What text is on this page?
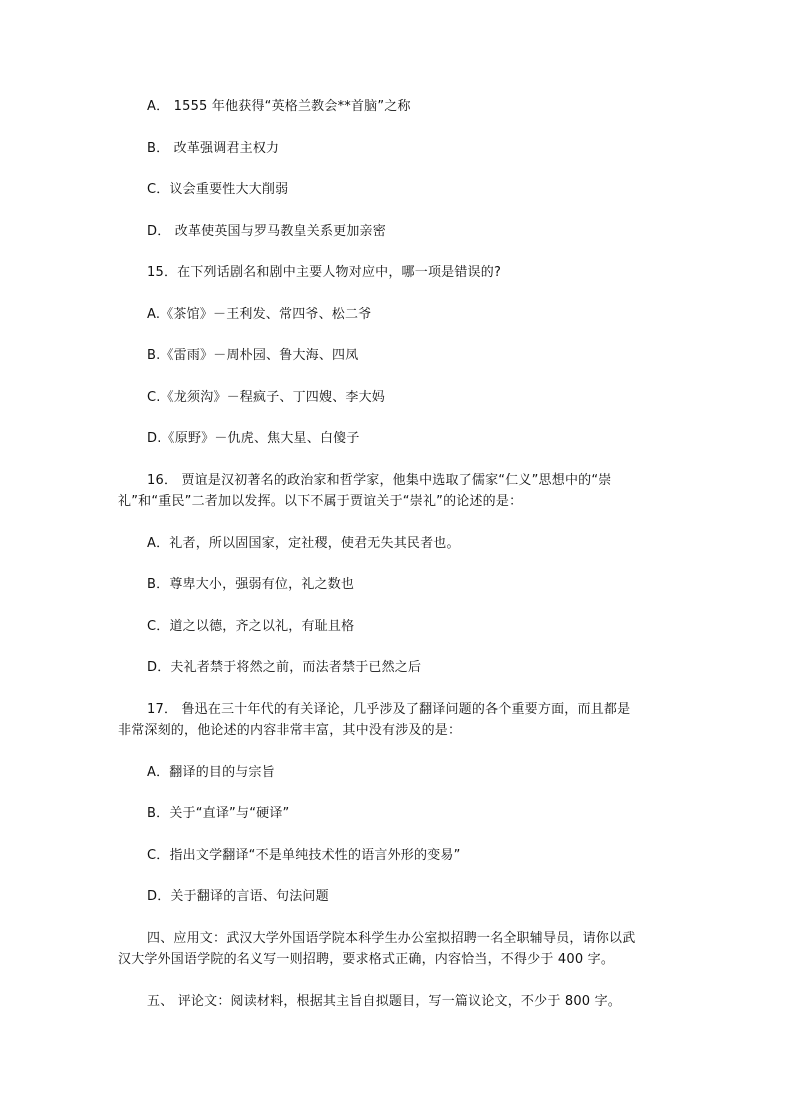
A． 1555 年他获得“英格兰教会**首脑”之称
B． 改革强调君主权力
C．议会重要性大大削弱
D． 改革使英国与罗马教皇关系更加亲密
15．在下列话剧名和剧中主要人物对应中，哪一项是错误的?
A.《茶馆》－王利发、常四爷、松二爷
B.《雷雨》－周朴园、鲁大海、四凤
C.《龙须沟》－程疯子、丁四嫂、李大妈
D.《原野》－仇虎、焦大星、白傻子
16． 贾谊是汉初著名的政治家和哲学家，他集中选取了儒家“仁义”思想中的“崇
礼”和“重民”二者加以发挥。以下不属于贾谊关于“崇礼”的论述的是：
A．礼者，所以固国家，定社稷，使君无失其民者也。
B．尊卑大小，强弱有位，礼之数也
C．道之以德，齐之以礼，有耻且格
D．夫礼者禁于将然之前，而法者禁于已然之后
17． 鲁迅在三十年代的有关译论，几乎涉及了翻译问题的各个重要方面，而且都是
非常深刻的，他论述的内容非常丰富，其中没有涉及的是：
A．翻译的目的与宗旨
B．关于“直译”与“硬译”
C．指出文学翻译“不是单纯技术性的语言外形的变易”
D．关于翻译的言语、句法问题
四、应用文：武汉大学外国语学院本科学生办公室拟招聘一名全职辅导员，请你以武
汉大学外国语学院的名义写一则招聘，要求格式正确，内容恰当，不得少于 400 字。
五、 评论文：阅读材料，根据其主旨自拟题目，写一篇议论文，不少于 800 字。
